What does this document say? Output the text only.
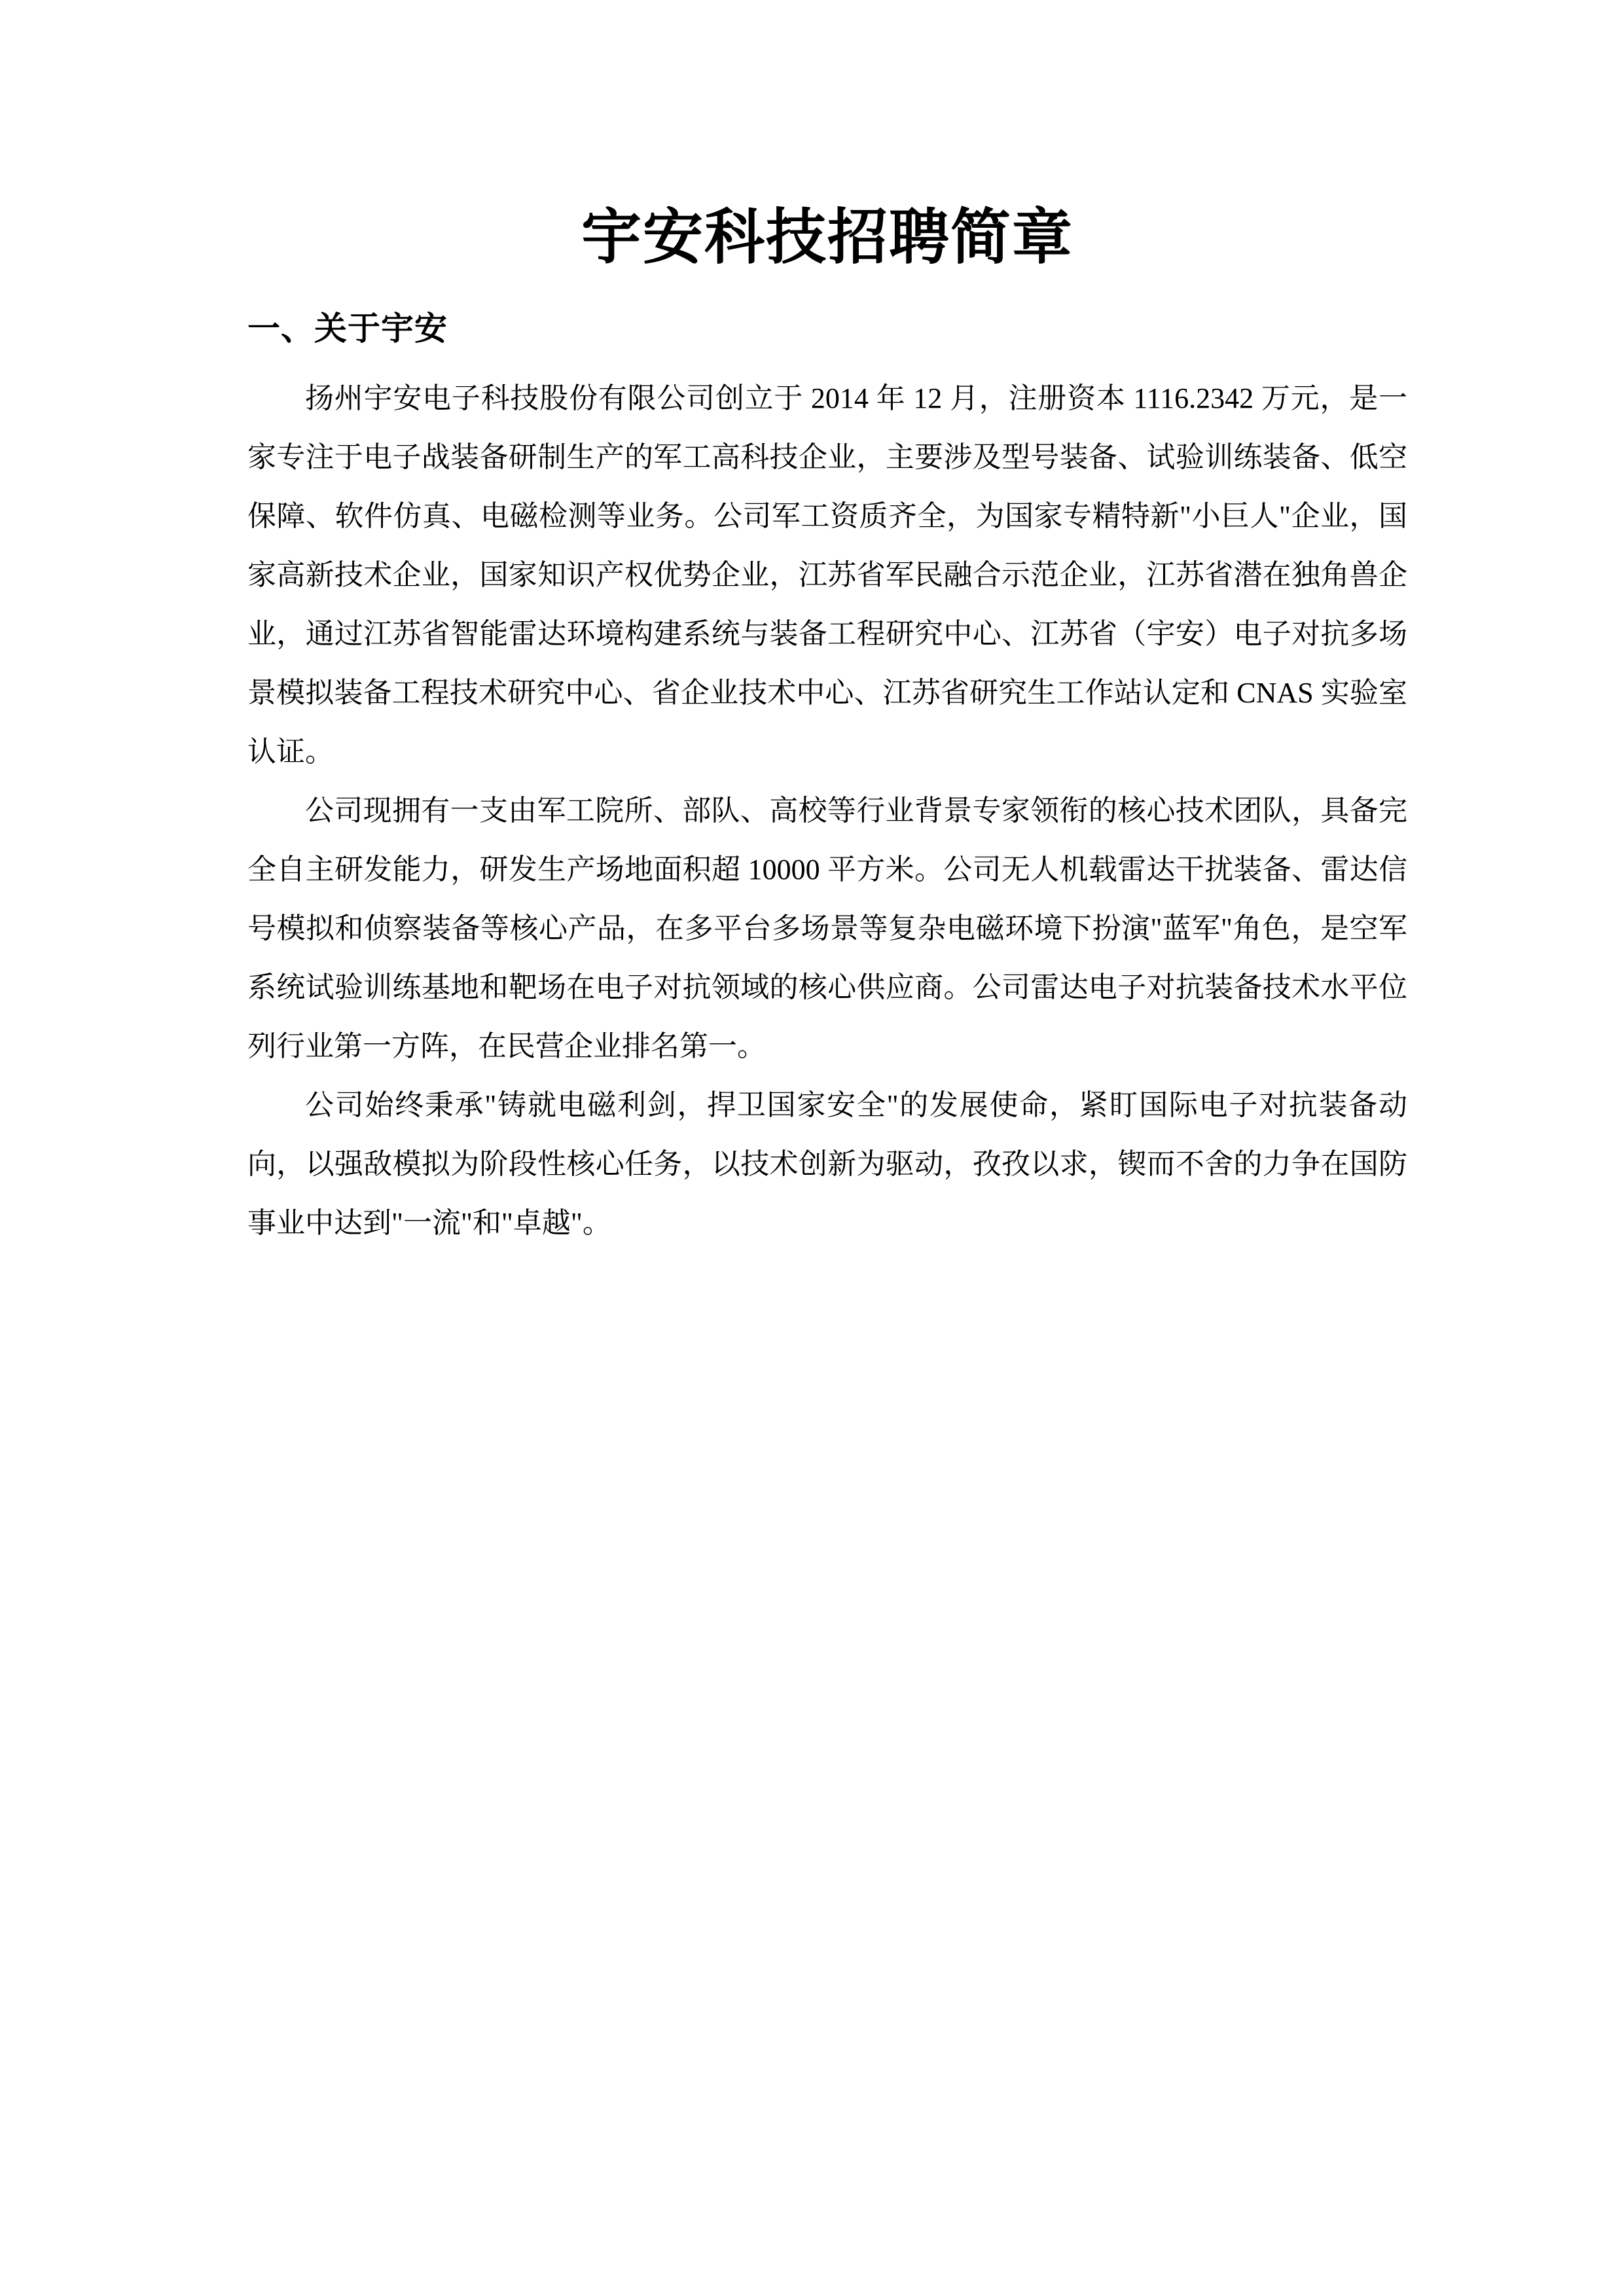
宇安科技招聘简章
一、关于宇安

扬州宇安电子科技股份有限公司创立于 2014 年 12 月，注册资本 1116.2342 万元，是一家专注于电子战装备研制生产的军工高科技企业，主要涉及型号装备、试验训练装备、低空保障、软件仿真、电磁检测等业务。公司军工资质齐全，为国家专精特新"小巨人"企业，国家高新技术企业，国家知识产权优势企业，江苏省军民融合示范企业，江苏省潜在独角兽企业，通过江苏省智能雷达环境构建系统与装备工程研究中心、江苏省（宇安）电子对抗多场景模拟装备工程技术研究中心、省企业技术中心、江苏省研究生工作站认定和 CNAS 实验室认证。

公司现拥有一支由军工院所、部队、高校等行业背景专家领衔的核心技术团队，具备完全自主研发能力，研发生产场地面积超 10000 平方米。公司无人机载雷达干扰装备、雷达信号模拟和侦察装备等核心产品，在多平台多场景等复杂电磁环境下扮演"蓝军"角色，是空军系统试验训练基地和靶场在电子对抗领域的核心供应商。公司雷达电子对抗装备技术水平位列行业第一方阵，在民营企业排名第一。

公司始终秉承"铸就电磁利剑，捍卫国家安全"的发展使命，紧盯国际电子对抗装备动向，以强敌模拟为阶段性核心任务，以技术创新为驱动，孜孜以求，锲而不舍的力争在国防事业中达到"一流"和"卓越"。
